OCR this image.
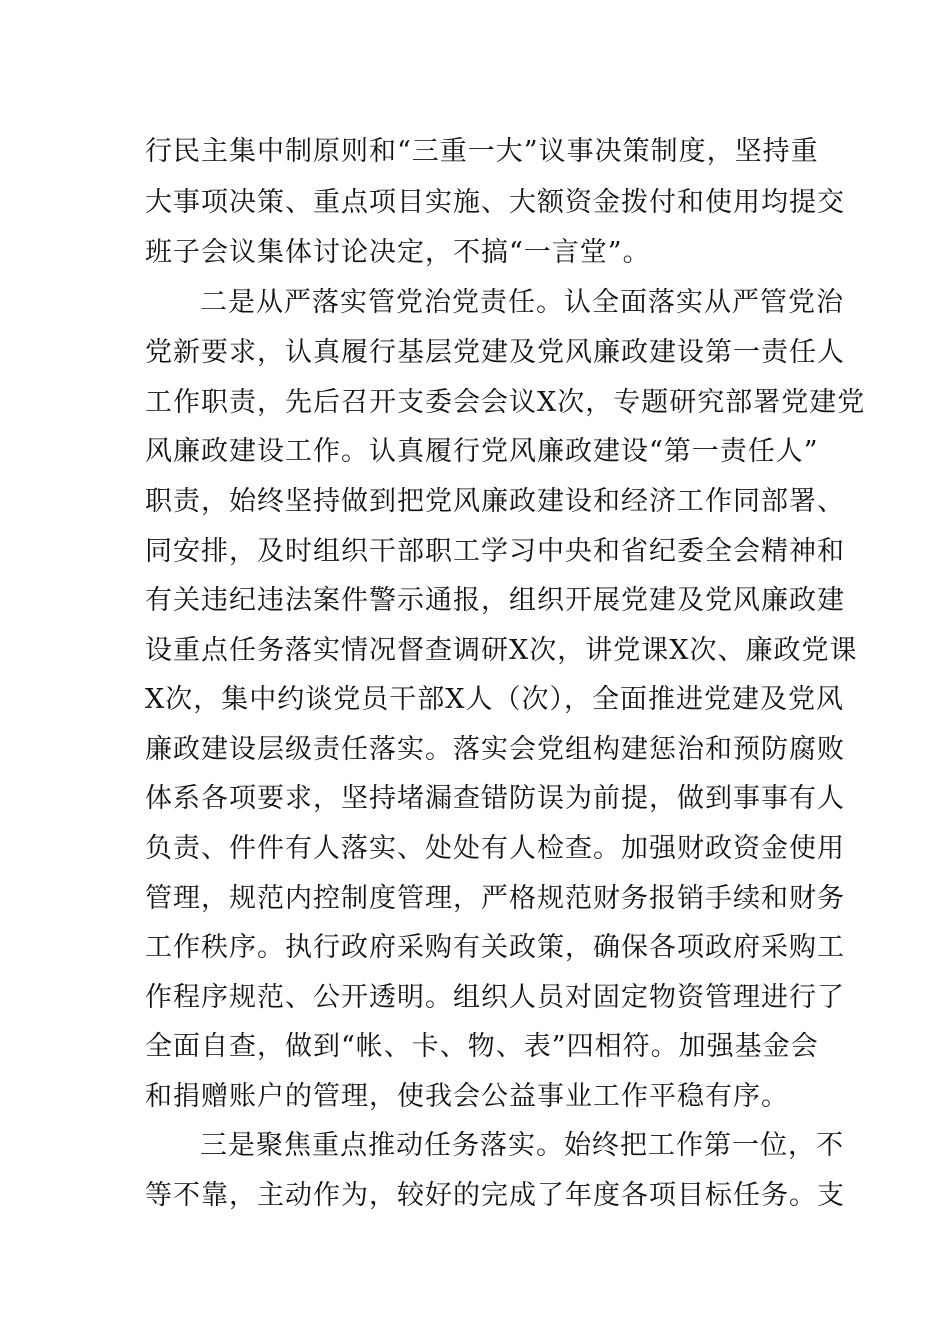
行民主集中制原则和“三重一大”议事决策制度，坚持重
大事项决策、重点项目实施、大额资金拨付和使用均提交
班子会议集体讨论决定，不搞“一言堂”。
二是从严落实管党治党责任。认全面落实从严管党治
党新要求，认真履行基层党建及党风廉政建设第一责任人
工作职责，先后召开支委会会议X次，专题研究部署党建党
风廉政建设工作。认真履行党风廉政建设“第一责任人”
职责，始终坚持做到把党风廉政建设和经济工作同部署、
同安排，及时组织干部职工学习中央和省纪委全会精神和
有关违纪违法案件警示通报，组织开展党建及党风廉政建
设重点任务落实情况督查调研X次，讲党课X次、廉政党课
X次，集中约谈党员干部X人（次），全面推进党建及党风
廉政建设层级责任落实。落实会党组构建惩治和预防腐败
体系各项要求，坚持堵漏查错防误为前提，做到事事有人
负责、件件有人落实、处处有人检查。加强财政资金使用
管理，规范内控制度管理，严格规范财务报销手续和财务
工作秩序。执行政府采购有关政策，确保各项政府采购工
作程序规范、公开透明。组织人员对固定物资管理进行了
全面自查，做到“帐、卡、物、表”四相符。加强基金会
和捐赠账户的管理，使我会公益事业工作平稳有序。
三是聚焦重点推动任务落实。始终把工作第一位，不
等不靠，主动作为，较好的完成了年度各项目标任务。支
